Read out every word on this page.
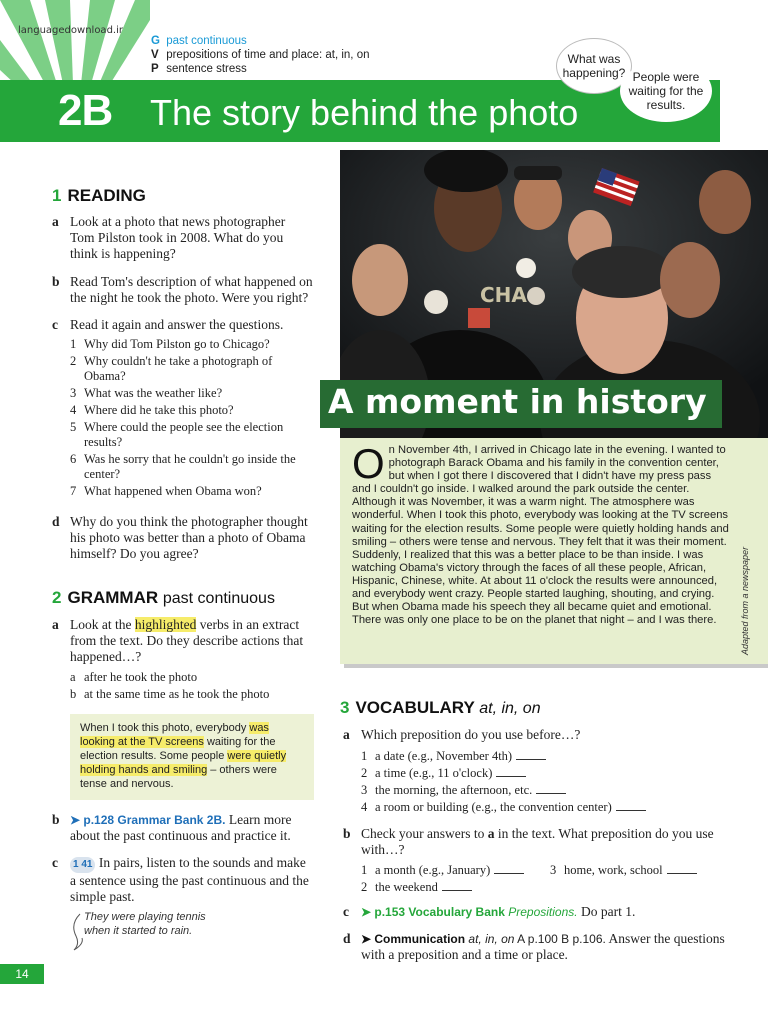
languagedownload.ir
G past continuous
V prepositions of time and place: at, in, on
P sentence stress
2B The story behind the photo
What was happening? People were waiting for the results.
1 READING
a Look at a photo that news photographer Tom Pilston took in 2008. What do you think is happening?
b Read Tom's description of what happened on the night he took the photo. Were you right?
c Read it again and answer the questions.
1 Why did Tom Pilston go to Chicago?
2 Why couldn't he take a photograph of Obama?
3 What was the weather like?
4 Where did he take this photo?
5 Where could the people see the election results?
6 Was he sorry that he couldn't go inside the center?
7 What happened when Obama won?
d Why do you think the photographer thought his photo was better than a photo of Obama himself? Do you agree?
2 GRAMMAR past continuous
a Look at the highlighted verbs in an extract from the text. Do they describe actions that happened…?
a after he took the photo
b at the same time as he took the photo
When I took this photo, everybody was looking at the TV screens waiting for the election results. Some people were quietly holding hands and smiling – others were tense and nervous.
b ➤ p.128 Grammar Bank 2B. Learn more about the past continuous and practice it.
c	1 41 In pairs, listen to the sounds and make a sentence using the past continuous and the simple past.
They were playing tennis when it started to rain.
14
CHA
A moment in history
On November 4th, I arrived in Chicago late in the evening. I wanted to photograph Barack Obama and his family in the convention center, but when I got there I discovered that I didn't have my press pass and I couldn't go inside. I walked around the park outside the center. Although it was November, it was a warm night. The atmosphere was wonderful. When I took this photo, everybody was looking at the TV screens waiting for the election results. Some people were quietly holding hands and smiling – others were tense and nervous. They felt that it was their moment. Suddenly, I realized that this was a better place to be than inside. I was watching Obama's victory through the faces of all these people, African, Hispanic, Chinese, white. At about 11 o'clock the results were announced, and everybody went crazy. People started laughing, shouting, and crying. But when Obama made his speech they all became quiet and emotional. There was only one place to be on the planet that night – and I was there.	Adapted from a newspaper
3 VOCABULARY at, in, on
a Which preposition do you use before…?
1 a date (e.g., November 4th)
2 a time (e.g., 11 o'clock)
3 the morning, the afternoon, etc.
4 a room or building (e.g., the convention center)
b Check your answers to a in the text. What preposition do you use with…?
1 a month (e.g., January)
2 the weekend
3 home, work, school
c	➤ p.153 Vocabulary Bank Prepositions. Do part 1.
d ➤ Communication at, in, on A p.100 B p.106. Answer the questions with a preposition and a time or place.
